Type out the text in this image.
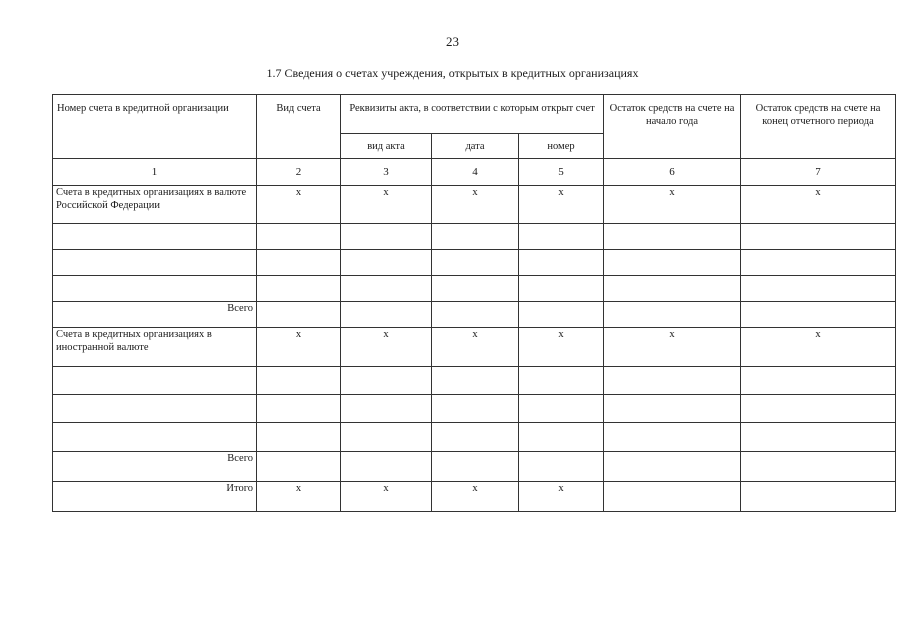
23
1.7 Сведения о счетах учреждения, открытых в кредитных организациях
Номер счета в кредитной организации	Вид счета	Реквизиты акта, в соответствии с которым открыт счет			Остаток средств на счете на начало года	Остаток средств на счете на конец отчетного периода
		вид акта	дата	номер		
1	2	3	4	5	6	7
Счета в кредитных организациях в валюте Российской Федерации	x	x	x	x	x	x

Всего						
Счета в кредитных организациях в иностранной валюте	x	x	x	x	x	x

Всего						
Итого	x	x	x	x		
